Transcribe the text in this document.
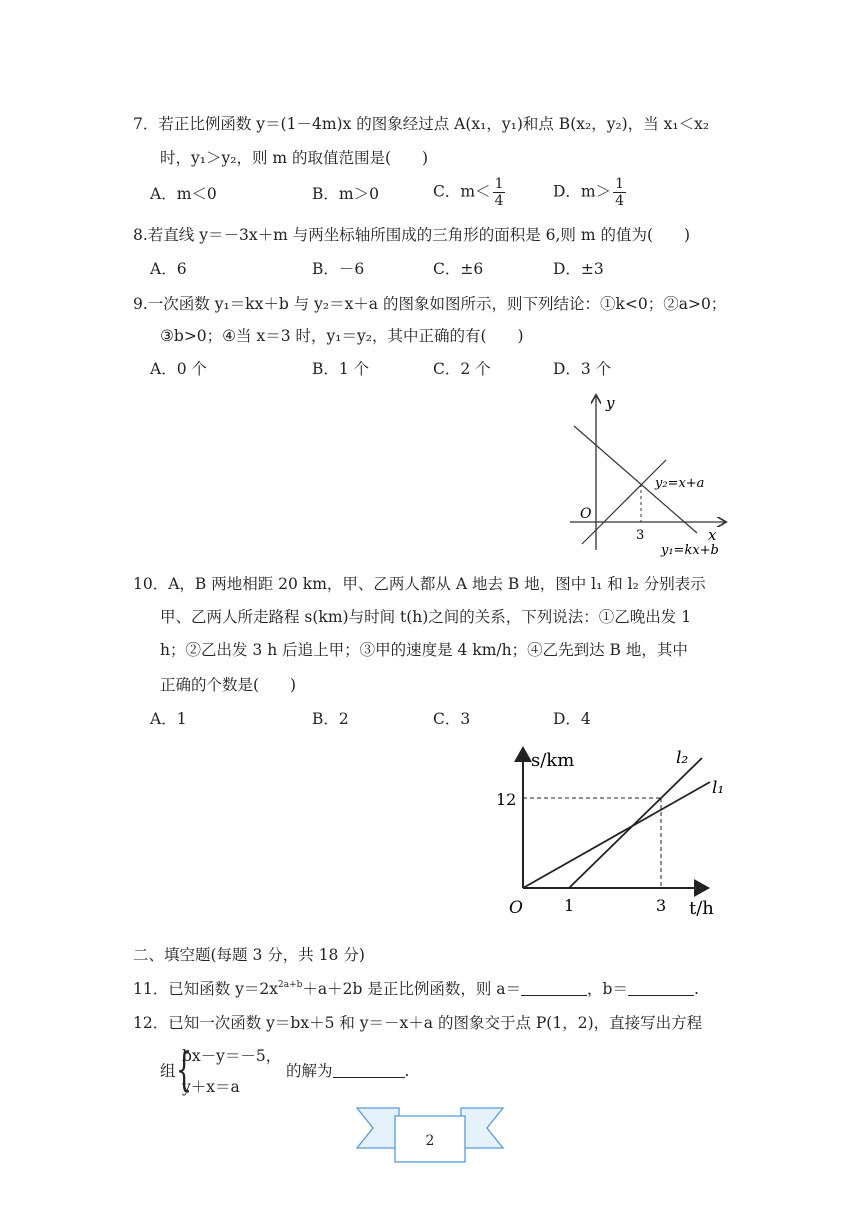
7．若正比例函数 y＝(1－4m)x 的图象经过点 A(x₁，y₁)和点 B(x₂，y₂)，当 x₁＜x₂
时，y₁＞y₂，则 m 的取值范围是(　　)
A．m＜0	B．m＞0	C．$m< \frac{1}{4}$	D．$m> \frac{1}{4}$
8.若直线 y＝－3x＋m 与两坐标轴所围成的三角形的面积是 6,则 m 的值为(　　)
A．6	B．－6	C．±6	D．±3
9.一次函数 y₁＝kx＋b 与 y₂＝x＋a 的图象如图所示，则下列结论：①k<0；②a>0；
③b>0；④当 x＝3 时，y₁＝y₂，其中正确的有(　　)
A．0 个	B．1 个	C．2 个	D．3 个
y
x
O
3
y₂=x+a
y₁=kx+b
10．A，B 两地相距 20 km，甲、乙两人都从 A 地去 B 地，图中 l₁ 和 l₂ 分别表示
甲、乙两人所走路程 s(km)与时间 t(h)之间的关系，下列说法：①乙晚出发 1
h；②乙出发 3 h 后追上甲；③甲的速度是 4 km/h；④乙先到达 B 地，其中
正确的个数是(　　)
A．1	B．2	C．3	D．4
s/km
t/h
O
12
1	3
l₂
l₁
二、填空题(每题 3 分，共 18 分)
11．已知函数 $y=2x^{2a+b}+a+2b$ 是正比例函数，则 a＝	，b＝	.
12．已知一次函数 y＝bx＋5 和 y＝－x＋a 的图象交于点 P(1，2)，直接写出方程
组 {
bx－y＝－5，
y＋x＝a
的解为	.
2
